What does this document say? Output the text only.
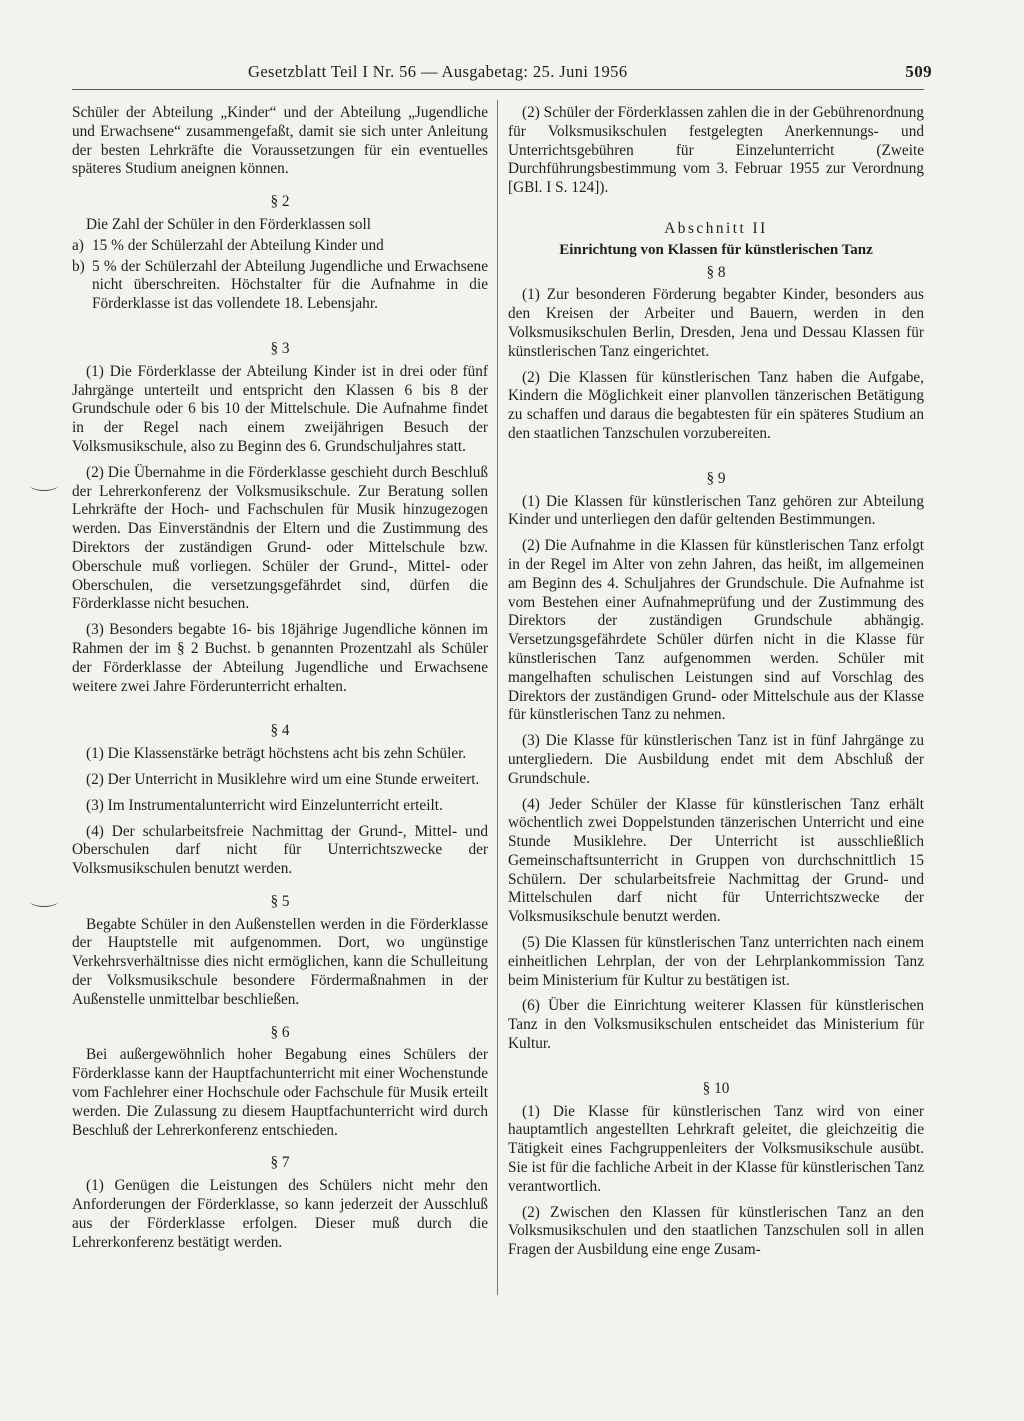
Gesetzblatt Teil I Nr. 56 — Ausgabetag: 25. Juni 1956	509

Schüler der Abteilung „Kinder“ und der Abteilung „Jugendliche und Erwachsene“ zusammengefaßt, damit sie sich unter Anleitung der besten Lehrkräfte die Voraussetzungen für ein eventuelles späteres Studium aneignen können.

§ 2

Die Zahl der Schüler in den Förderklassen soll

a) 15 % der Schülerzahl der Abteilung Kinder und
b) 5 % der Schülerzahl der Abteilung Jugendliche und Erwachsene nicht überschreiten. Höchstalter für die Aufnahme in die Förderklasse ist das vollendete 18. Lebensjahr.
§ 3

(1) Die Förderklasse der Abteilung Kinder ist in drei oder fünf Jahrgänge unterteilt und entspricht den Klassen 6 bis 8 der Grundschule oder 6 bis 10 der Mittelschule. Die Aufnahme findet in der Regel nach einem zweijährigen Besuch der Volksmusikschule, also zu Beginn des 6. Grundschuljahres statt.

(2) Die Übernahme in die Förderklasse geschieht durch Beschluß der Lehrerkonferenz der Volksmusikschule. Zur Beratung sollen Lehrkräfte der Hoch- und Fachschulen für Musik hinzugezogen werden. Das Einverständnis der Eltern und die Zustimmung des Direktors der zuständigen Grund- oder Mittelschule bzw. Oberschule muß vorliegen. Schüler der Grund-, Mittel- oder Oberschulen, die versetzungsgefährdet sind, dürfen die Förderklasse nicht besuchen.

(3) Besonders begabte 16- bis 18jährige Jugendliche können im Rahmen der im § 2 Buchst. b genannten Prozentzahl als Schüler der Förderklasse der Abteilung Jugendliche und Erwachsene weitere zwei Jahre Förderunterricht erhalten.

§ 4

(1) Die Klassenstärke beträgt höchstens acht bis zehn Schüler.

(2) Der Unterricht in Musiklehre wird um eine Stunde erweitert.

(3) Im Instrumentalunterricht wird Einzelunterricht erteilt.

(4) Der schularbeitsfreie Nachmittag der Grund-, Mittel- und Oberschulen darf nicht für Unterrichtszwecke der Volksmusikschulen benutzt werden.

§ 5

Begabte Schüler in den Außenstellen werden in die Förderklasse der Hauptstelle mit aufgenommen. Dort, wo ungünstige Verkehrsverhältnisse dies nicht ermöglichen, kann die Schulleitung der Volksmusikschule besondere Fördermaßnahmen in der Außenstelle unmittelbar beschließen.

§ 6

Bei außergewöhnlich hoher Begabung eines Schülers der Förderklasse kann der Hauptfachunterricht mit einer Wochenstunde vom Fachlehrer einer Hochschule oder Fachschule für Musik erteilt werden. Die Zulassung zu diesem Hauptfachunterricht wird durch Beschluß der Lehrerkonferenz entschieden.

§ 7

(1) Genügen die Leistungen des Schülers nicht mehr den Anforderungen der Förderklasse, so kann jederzeit der Ausschluß aus der Förderklasse erfolgen. Dieser muß durch die Lehrerkonferenz bestätigt werden.

(2) Schüler der Förderklassen zahlen die in der Gebührenordnung für Volksmusikschulen festgelegten Anerkennungs- und Unterrichtsgebühren für Einzelunterricht (Zweite Durchführungsbestimmung vom 3. Februar 1955 zur Verordnung [GBl. I S. 124]).

Abschnitt II
Einrichtung von Klassen für künstlerischen Tanz
§ 8

(1) Zur besonderen Förderung begabter Kinder, besonders aus den Kreisen der Arbeiter und Bauern, werden in den Volksmusikschulen Berlin, Dresden, Jena und Dessau Klassen für künstlerischen Tanz eingerichtet.

(2) Die Klassen für künstlerischen Tanz haben die Aufgabe, Kindern die Möglichkeit einer planvollen tänzerischen Betätigung zu schaffen und daraus die begabtesten für ein späteres Studium an den staatlichen Tanzschulen vorzubereiten.

§ 9

(1) Die Klassen für künstlerischen Tanz gehören zur Abteilung Kinder und unterliegen den dafür geltenden Bestimmungen.

(2) Die Aufnahme in die Klassen für künstlerischen Tanz erfolgt in der Regel im Alter von zehn Jahren, das heißt, im allgemeinen am Beginn des 4. Schuljahres der Grundschule. Die Aufnahme ist vom Bestehen einer Aufnahmeprüfung und der Zustimmung des Direktors der zuständigen Grundschule abhängig. Versetzungsgefährdete Schüler dürfen nicht in die Klasse für künstlerischen Tanz aufgenommen werden. Schüler mit mangelhaften schulischen Leistungen sind auf Vorschlag des Direktors der zuständigen Grund- oder Mittelschule aus der Klasse für künstlerischen Tanz zu nehmen.

(3) Die Klasse für künstlerischen Tanz ist in fünf Jahrgänge zu untergliedern. Die Ausbildung endet mit dem Abschluß der Grundschule.

(4) Jeder Schüler der Klasse für künstlerischen Tanz erhält wöchentlich zwei Doppelstunden tänzerischen Unterricht und eine Stunde Musiklehre. Der Unterricht ist ausschließlich Gemeinschaftsunterricht in Gruppen von durchschnittlich 15 Schülern. Der schularbeitsfreie Nachmittag der Grund- und Mittelschulen darf nicht für Unterrichtszwecke der Volksmusikschule benutzt werden.

(5) Die Klassen für künstlerischen Tanz unterrichten nach einem einheitlichen Lehrplan, der von der Lehrplankommission Tanz beim Ministerium für Kultur zu bestätigen ist.

(6) Über die Einrichtung weiterer Klassen für künstlerischen Tanz in den Volksmusikschulen entscheidet das Ministerium für Kultur.

§ 10

(1) Die Klasse für künstlerischen Tanz wird von einer hauptamtlich angestellten Lehrkraft geleitet, die gleichzeitig die Tätigkeit eines Fachgruppenleiters der Volksmusikschule ausübt. Sie ist für die fachliche Arbeit in der Klasse für künstlerischen Tanz verantwortlich.

(2) Zwischen den Klassen für künstlerischen Tanz an den Volksmusikschulen und den staatlichen Tanzschulen soll in allen Fragen der Ausbildung eine enge Zusam-
